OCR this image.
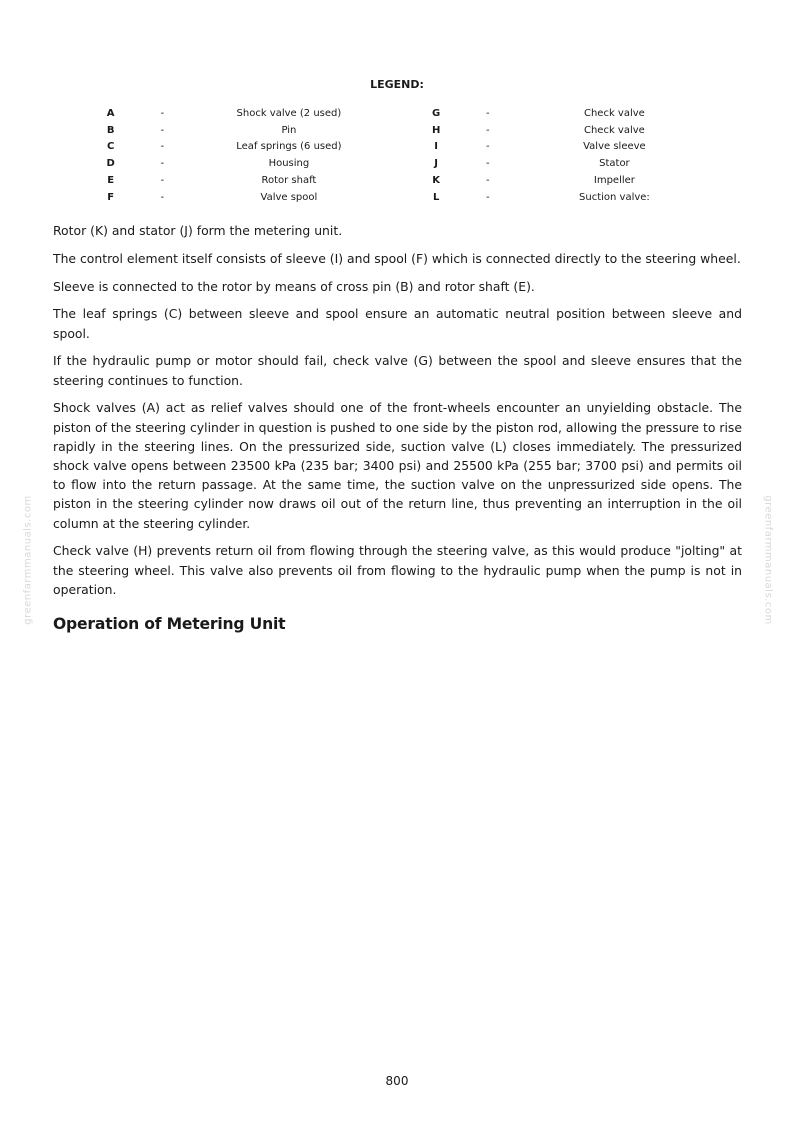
LEGEND:
A	-	Shock valve (2 used)		G	-	Check valve
B	-	Pin		H	-	Check valve
C	-	Leaf springs (6 used)		I	-	Valve sleeve
D	-	Housing		J	-	Stator
E	-	Rotor shaft		K	-	Impeller
F	-	Valve spool		L	-	Suction valve:

Rotor (K) and stator (J) form the metering unit.

The control element itself consists of sleeve (I) and spool (F) which is connected directly to the steering wheel.

Sleeve is connected to the rotor by means of cross pin (B) and rotor shaft (E).

The leaf springs (C) between sleeve and spool ensure an automatic neutral position between sleeve and spool.

If the hydraulic pump or motor should fail, check valve (G) between the spool and sleeve ensures that the steering continues to function.

Shock valves (A) act as relief valves should one of the front-wheels encounter an unyielding obstacle. The piston of the steering cylinder in question is pushed to one side by the piston rod, allowing the pressure to rise rapidly in the steering lines. On the pressurized side, suction valve (L) closes immediately. The pressurized shock valve opens between 23500 kPa (235 bar; 3400 psi) and 25500 kPa (255 bar; 3700 psi) and permits oil to flow into the return passage. At the same time, the suction valve on the unpressurized side opens. The piston in the steering cylinder now draws oil out of the return line, thus preventing an interruption in the oil column at the steering cylinder.

Check valve (H) prevents return oil from flowing through the steering valve, as this would produce "jolting" at the steering wheel. This valve also prevents oil from flowing to the hydraulic pump when the pump is not in operation.

Operation of Metering Unit
greenfarmmanuals.com	greenfarmmanuals.com
800
